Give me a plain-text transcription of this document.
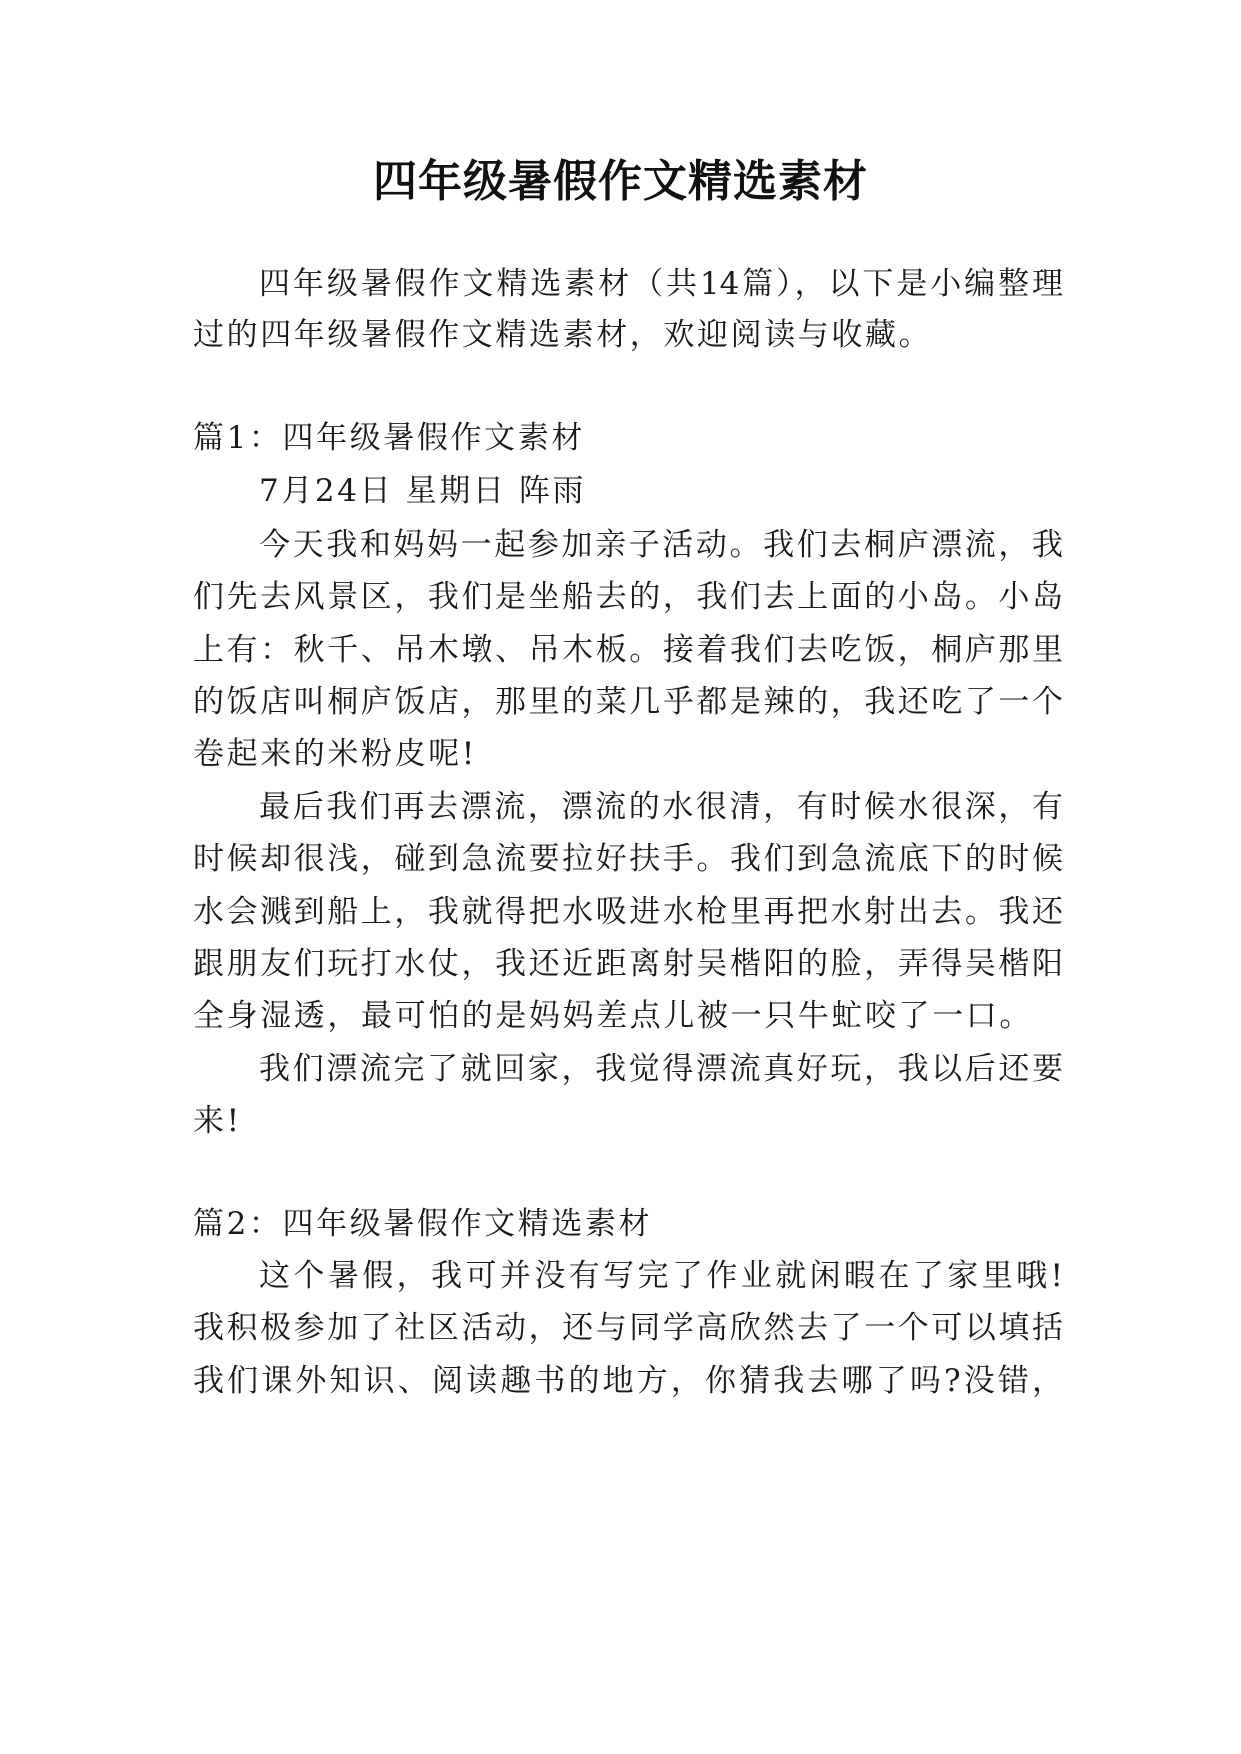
四年级暑假作文精选素材
四年级暑假作文精选素材（共14篇），以下是小编整理
过的四年级暑假作文精选素材，欢迎阅读与收藏。
篇1：四年级暑假作文素材
7月24日 星期日 阵雨
今天我和妈妈一起参加亲子活动。我们去桐庐漂流，我
们先去风景区，我们是坐船去的，我们去上面的小岛。小岛
上有：秋千、吊木墩、吊木板。接着我们去吃饭，桐庐那里
的饭店叫桐庐饭店，那里的菜几乎都是辣的，我还吃了一个
卷起来的米粉皮呢!
最后我们再去漂流，漂流的水很清，有时候水很深，有
时候却很浅，碰到急流要拉好扶手。我们到急流底下的时候
水会溅到船上，我就得把水吸进水枪里再把水射出去。我还
跟朋友们玩打水仗，我还近距离射吴楷阳的脸，弄得吴楷阳
全身湿透，最可怕的是妈妈差点儿被一只牛虻咬了一口。
我们漂流完了就回家，我觉得漂流真好玩，我以后还要
来!
篇2：四年级暑假作文精选素材
这个暑假，我可并没有写完了作业就闲暇在了家里哦!
我积极参加了社区活动，还与同学高欣然去了一个可以填括
我们课外知识、阅读趣书的地方，你猜我去哪了吗?没错，
